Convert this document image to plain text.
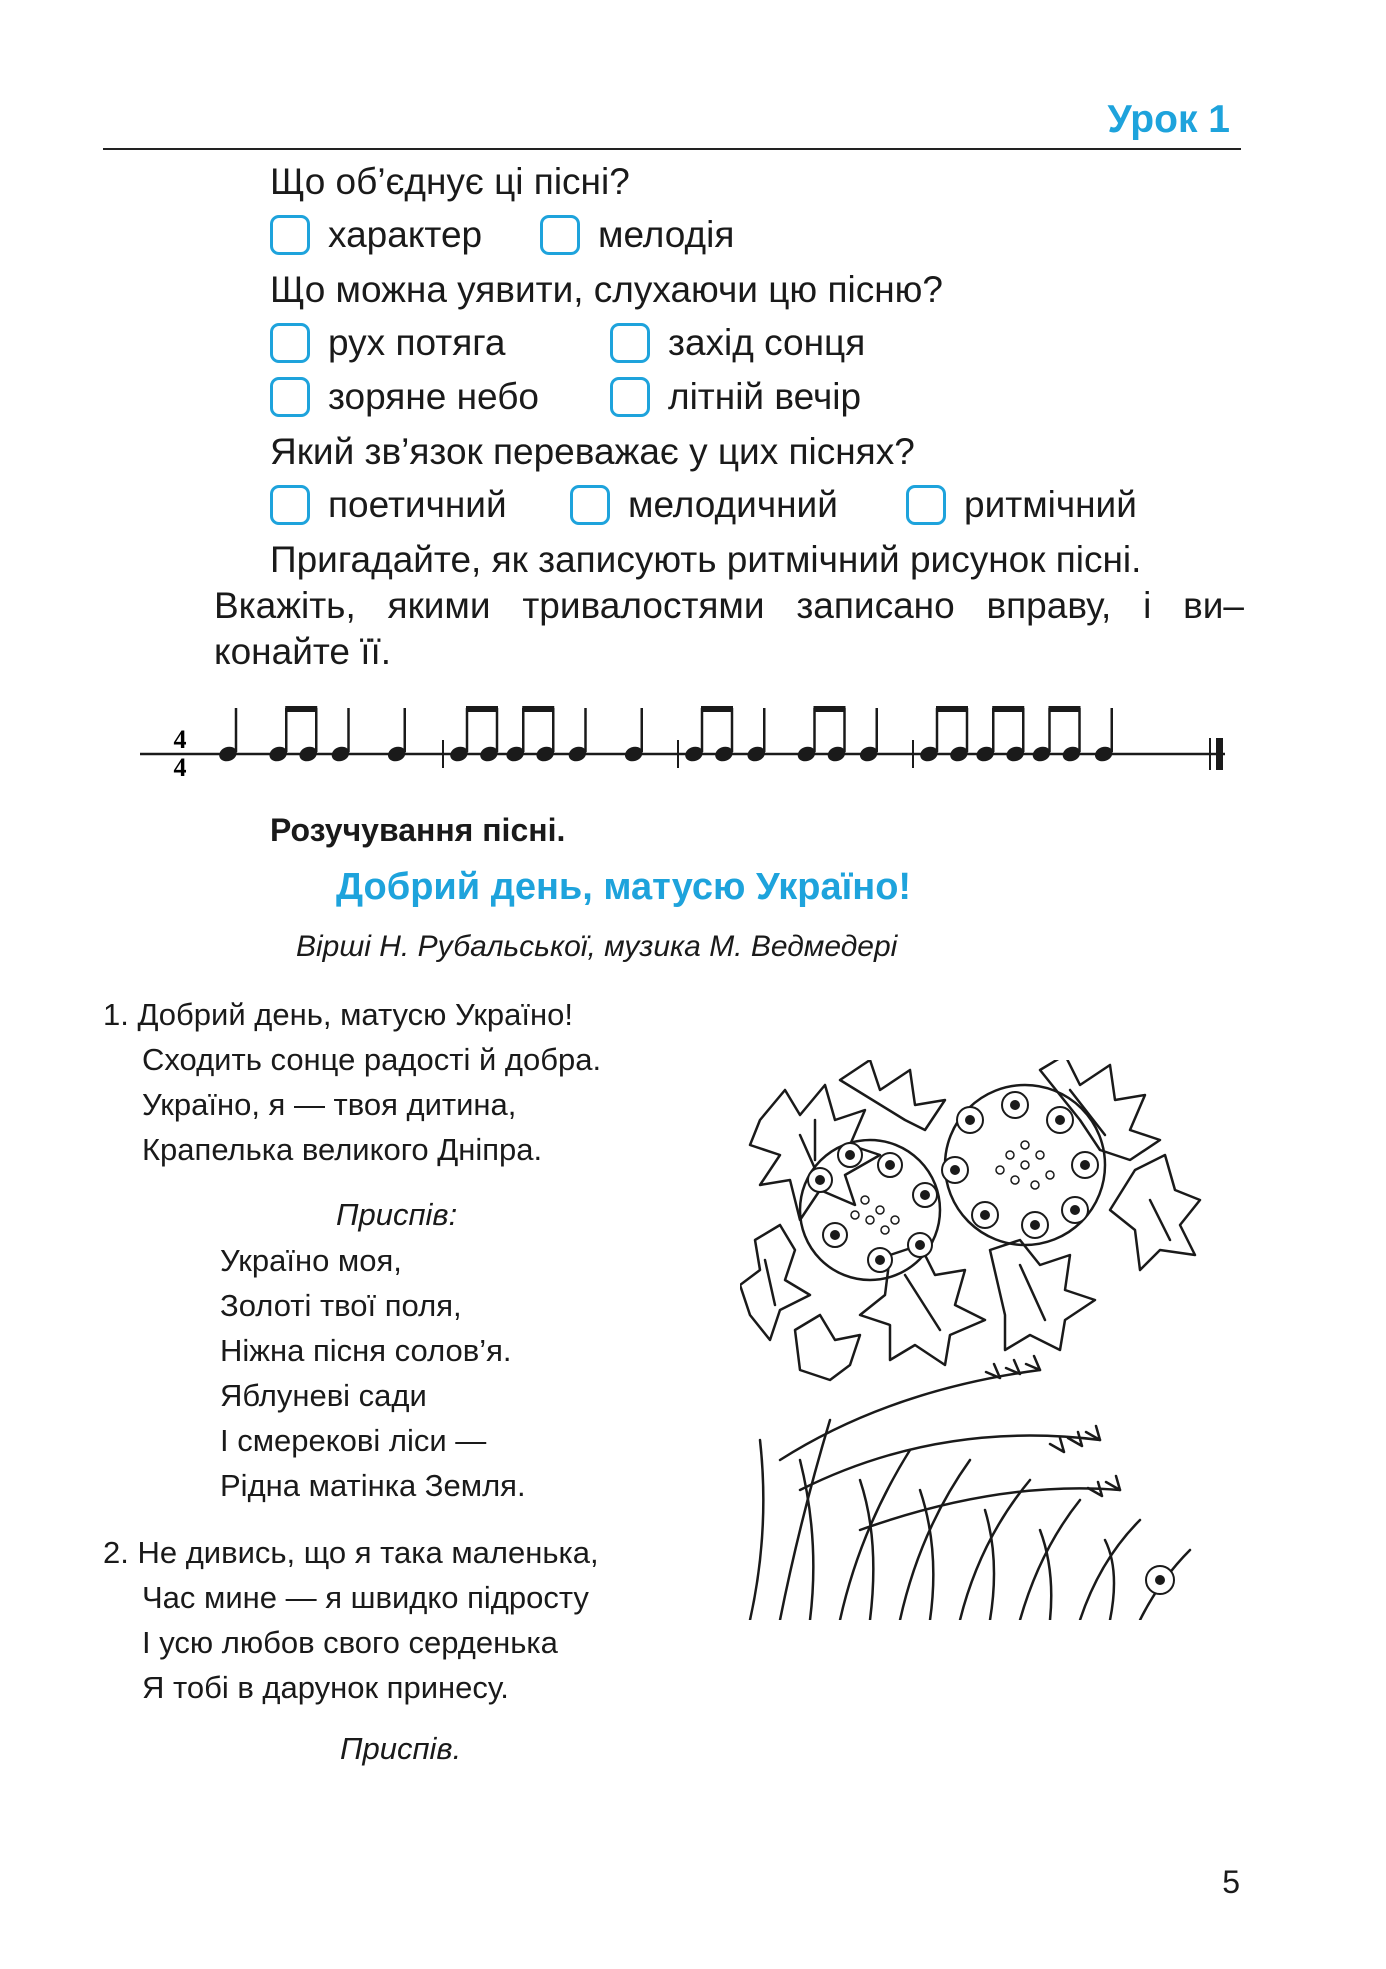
Урок 1
Що об’єднує ці пісні?
характер	мелодія
Що можна уявити, слухаючи цю пісню?
рух потяга	захід сонця
зоряне небо	літній вечір
Який зв’язок переважає у цих піснях?
поетичний	мелодичний	ритмічний
Пригадайте, як записують ритмічний рисунок пісні.
Вкажіть, якими тривалостями записано вправу, і ви–
конайте її.
4
4
Розучування пісні.
Добрий день, матусю Україно!
Вірші Н. Рубальської, музика М. Ведмедері
1. Добрий день, матусю Україно!
Сходить сонце радості й добра.
Україно, я — твоя дитина,
Крапелька великого Дніпра.
Приспів:
Україно моя,
Золоті твої поля,
Ніжна пісня солов’я.
Яблуневі сади
І смерекові ліси —
Рідна матінка Земля.
2. Не дивись, що я така маленька,
Час мине — я швидко підросту
І усю любов свого серденька
Я тобі в дарунок принесу.
Приспів.
5
